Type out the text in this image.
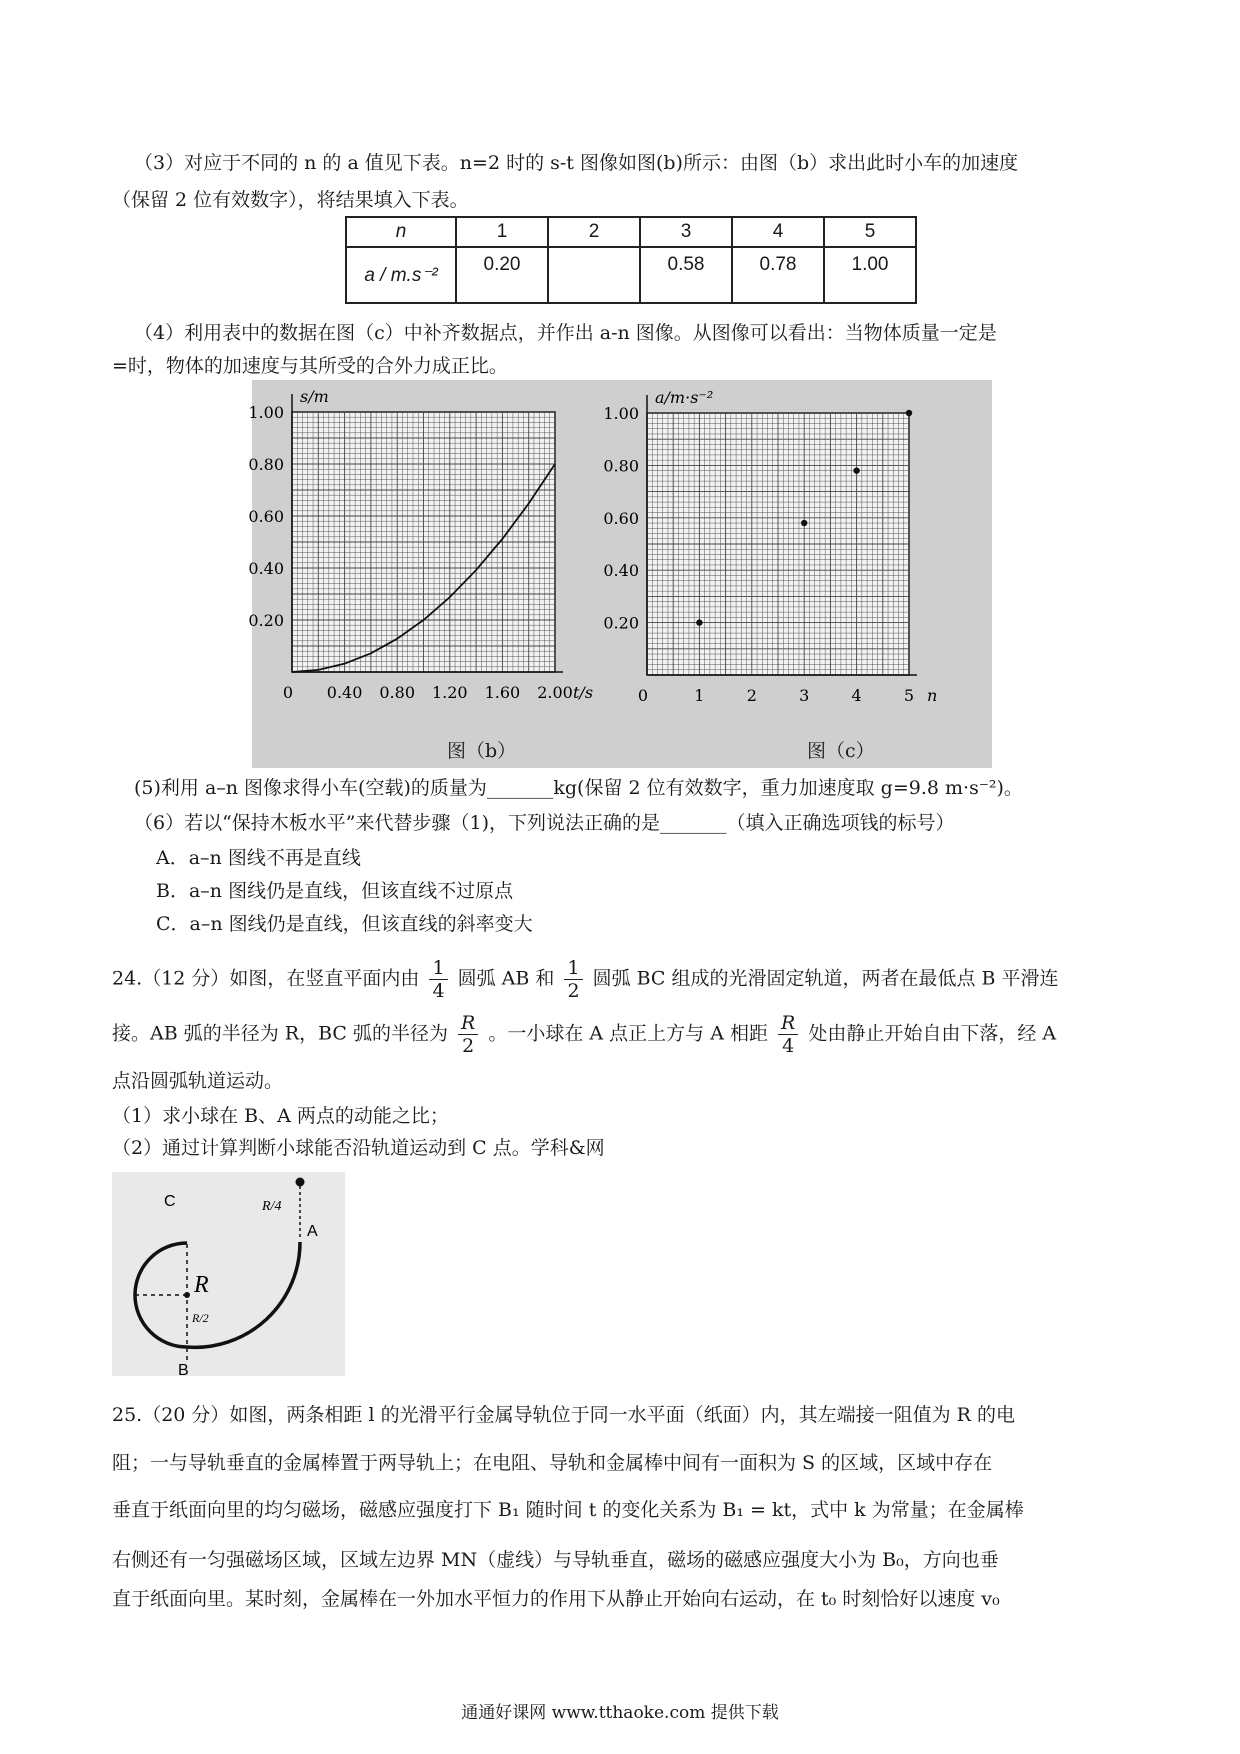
（3）对应于不同的 n 的 a 值见下表。n=2 时的 s-t 图像如图(b)所示：由图（b）求出此时小车的加速度
（保留 2 位有效数字），将结果填入下表。
n	1	2	3	4	5
a / m.s⁻²	0.20		0.58	0.78	1.00
（4）利用表中的数据在图（c）中补齐数据点，并作出 a-n 图像。从图像可以看出：当物体质量一定是
=时，物体的加速度与其所受的合外力成正比。
0.20
0.40
0.60
0.80
1.00
0 0.40 0.80 1.20 1.60 2.00 t/s
s/m
0.20
0.40
0.60
0.80
1.00
0	1	2	3	4	5 n
a/m·s⁻²
图（b）	图（c）
(5)利用 a–n 图像求得小车(空载)的质量为_______kg(保留 2 位有效数字，重力加速度取 g=9.8 m·s⁻²)。
（6）若以“保持木板水平”来代替步骤（1)，下列说法正确的是_______（填入正确选项钱的标号）
A．a–n 图线不再是直线
B．a–n 图线仍是直线，但该直线不过原点
C．a–n 图线仍是直线，但该直线的斜率变大
24.（12 分）如图，在竖直平面内由 $\frac{1}{4}$ 圆弧 AB 和 $\frac{1}{2}$ 圆弧 BC 组成的光滑固定轨道，两者在最低点 B 平滑连
接。AB 弧的半径为 R，BC 弧的半径为 $\frac{R}{2}$ 。一小球在 A 点正上方与 A 相距 $\frac{R}{4}$ 处由静止开始自由下落，经 A
点沿圆弧轨道运动。
（1）求小球在 B、A 两点的动能之比；
（2）通过计算判断小球能否沿轨道运动到 C 点。学科&网
C
A
B
R/4
R
R/2
25.（20 分）如图，两条相距 l 的光滑平行金属导轨位于同一水平面（纸面）内，其左端接一阻值为 R 的电
阻；一与导轨垂直的金属棒置于两导轨上；在电阻、导轨和金属棒中间有一面积为 S 的区域，区域中存在
垂直于纸面向里的均匀磁场，磁感应强度打下 B₁ 随时间 t 的变化关系为 B₁ = kt，式中 k 为常量；在金属棒
右侧还有一匀强磁场区域，区域左边界 MN（虚线）与导轨垂直，磁场的磁感应强度大小为 B₀，方向也垂
直于纸面向里。某时刻，金属棒在一外加水平恒力的作用下从静止开始向右运动，在 t₀ 时刻恰好以速度 v₀
通通好课网 www.tthaoke.com 提供下载
